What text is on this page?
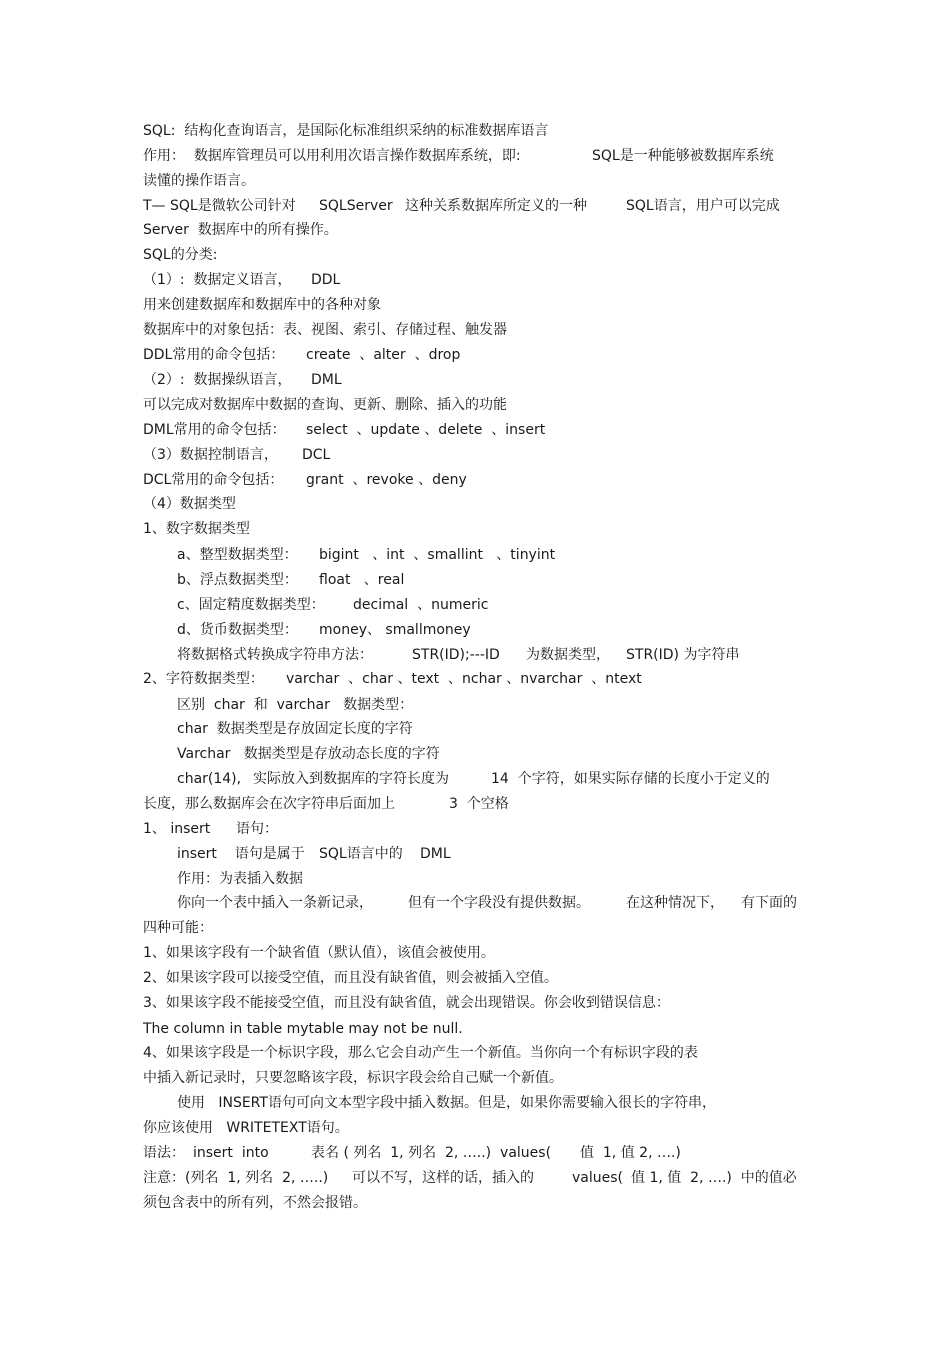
SQL:  结构化查询语言，是国际化标准组织采纳的标准数据库语言
作用：  数据库管理员可以用利用次语言操作数据库系统，即:	SQL是一种能够被数据库系统
读懂的操作语言。
T— SQL是微软公司针对 SQLServer 这种关系数据库所定义的一种	SQL语言，用户可以完成
Server  数据库中的所有操作。
SQL的分类:
（1）:  数据定义语言， DDL
用来创建数据库和数据库中的各种对象
数据库中的对象包括：表、视图、索引、存储过程、触发器
DDL常用的命令包括： create  、alter  、drop
（2）:  数据操纵语言， DML
可以完成对数据库中数据的查询、更新、删除、插入的功能
DML常用的命令包括： select  、update 、delete  、insert
（3）数据控制语言， DCL
DCL常用的命令包括： grant  、revoke 、deny
（4）数据类型
1、数字数据类型
a、整型数据类型： bigint   、int  、smallint   、tinyint
b、浮点数据类型： float   、real
c、固定精度数据类型： decimal  、numeric
d、货币数据类型： money、 smallmoney
将数据格式转换成字符串方法：	STR(ID);---ID 为数据类型， STR(ID) 为字符串
2、字符数据类型： varchar  、char 、text  、nchar 、nvarchar  、ntext
区别  char  和  varchar   数据类型：
char  数据类型是存放固定长度的字符
Varchar   数据类型是存放动态长度的字符
char(14), 实际放入到数据库的字符长度为	14  个字符，如果实际存储的长度小于定义的
长度，那么数据库会在次字符串后面加上	3  个空格
1、 insert 语句：
insert    语句是属于 SQL语言中的 DML
作用：为表插入数据
你向一个表中插入一条新记录，	但有一个字段没有提供数据。	在这种情况下， 有下面的
四种可能：
1、如果该字段有一个缺省值（默认值），该值会被使用。
2、如果该字段可以接受空值，而且没有缺省值，则会被插入空值。
3、如果该字段不能接受空值，而且没有缺省值，就会出现错误。你会收到错误信息：
The column in table mytable may not be null.
4、如果该字段是一个标识字段，那么它会自动产生一个新值。当你向一个有标识字段的表
中插入新记录时，只要忽略该字段，标识字段会给自己赋一个新值。
使用   INSERT语句可向文本型字段中插入数据。但是，如果你需要输入很长的字符串，
你应该使用   WRITETEXT语句。
语法： insert  into	表名 ( 列名  1, 列名  2, …..)  values( 值  1, 值 2, ….)
注意：(列名  1, 列名  2, …..) 可以不写，这样的话，插入的	values( 值 1, 值  2, ….)  中的值必
须包含表中的所有列，不然会报错。
